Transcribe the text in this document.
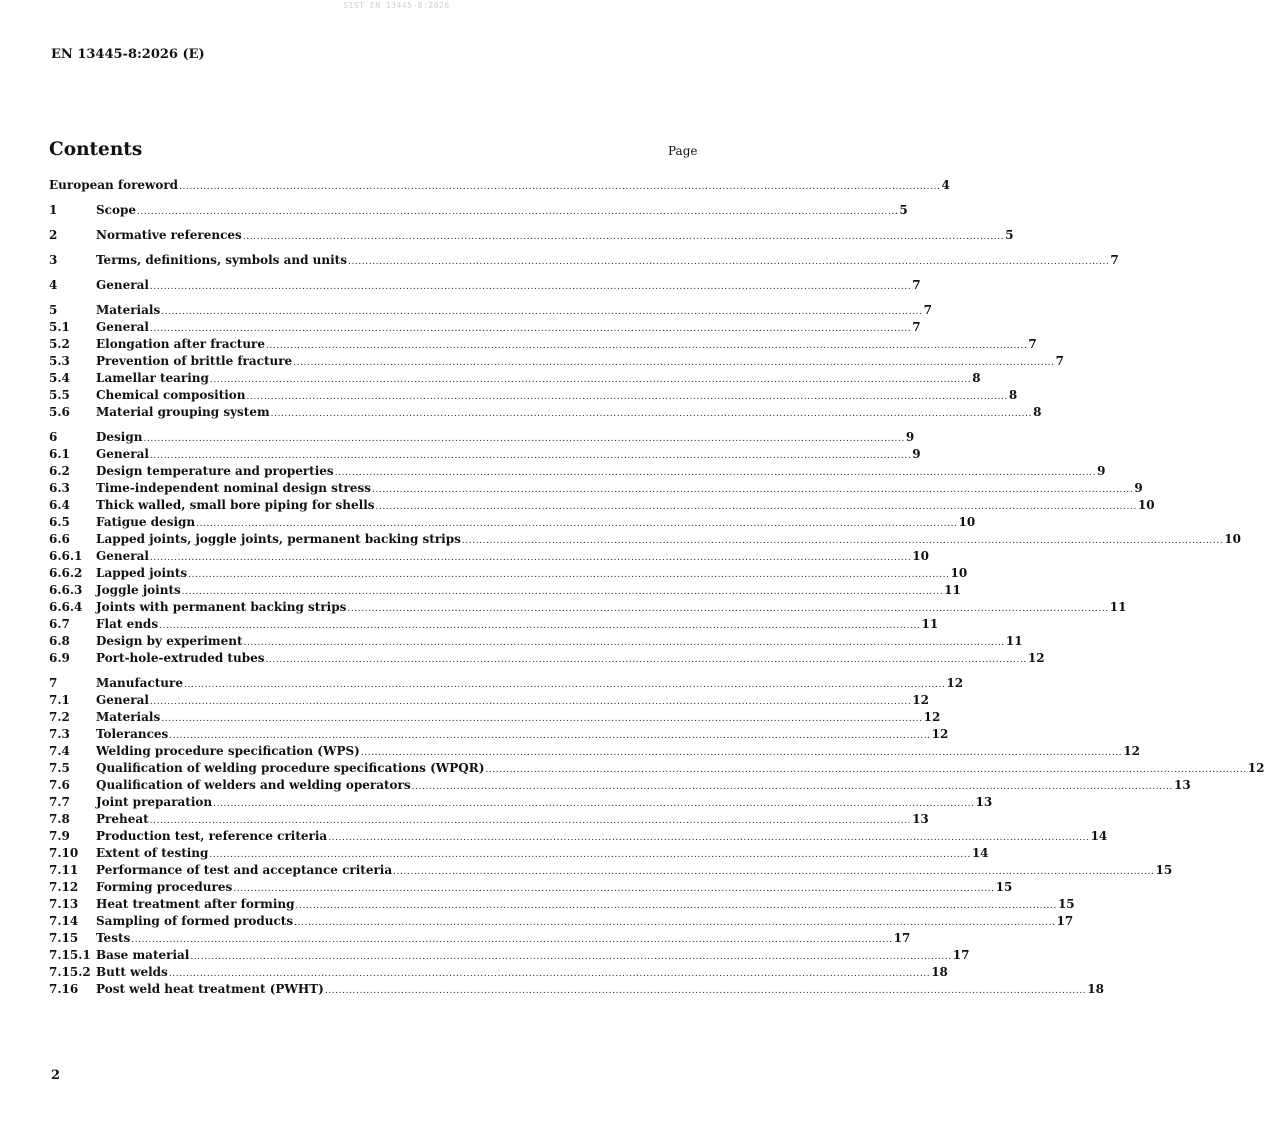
SIST EN 13445-8:2026
EN 13445-8:2026 (E)
Contents	Page
European foreword ............................................................................................................................................................................................................................ 4
1	Scope ............................................................................................................................................................................................................................ 5
2	Normative references ............................................................................................................................................................................................................................ 5
3	Terms, definitions, symbols and units ............................................................................................................................................................................................................................ 7
4	General ............................................................................................................................................................................................................................ 7
5	Materials ............................................................................................................................................................................................................................ 7
5.1	General ............................................................................................................................................................................................................................ 7
5.2	Elongation after fracture ............................................................................................................................................................................................................................ 7
5.3	Prevention of brittle fracture ............................................................................................................................................................................................................................ 7
5.4	Lamellar tearing ............................................................................................................................................................................................................................ 8
5.5	Chemical composition ............................................................................................................................................................................................................................ 8
5.6	Material grouping system ............................................................................................................................................................................................................................ 8
6	Design ............................................................................................................................................................................................................................ 9
6.1	General ............................................................................................................................................................................................................................ 9
6.2	Design temperature and properties ............................................................................................................................................................................................................................ 9
6.3	Time-independent nominal design stress ............................................................................................................................................................................................................................ 9
6.4	Thick walled, small bore piping for shells ............................................................................................................................................................................................................................ 10
6.5	Fatigue design ............................................................................................................................................................................................................................ 10
6.6	Lapped joints, joggle joints, permanent backing strips ............................................................................................................................................................................................................................ 10
6.6.1	General ............................................................................................................................................................................................................................ 10
6.6.2	Lapped joints ............................................................................................................................................................................................................................ 10
6.6.3	Joggle joints ............................................................................................................................................................................................................................ 11
6.6.4	Joints with permanent backing strips ............................................................................................................................................................................................................................ 11
6.7	Flat ends ............................................................................................................................................................................................................................ 11
6.8	Design by experiment ............................................................................................................................................................................................................................ 11
6.9	Port-hole-extruded tubes ............................................................................................................................................................................................................................ 12
7	Manufacture ............................................................................................................................................................................................................................ 12
7.1	General ............................................................................................................................................................................................................................ 12
7.2	Materials ............................................................................................................................................................................................................................ 12
7.3	Tolerances ............................................................................................................................................................................................................................ 12
7.4	Welding procedure specification (WPS) ............................................................................................................................................................................................................................ 12
7.5	Qualification of welding procedure specifications (WPQR) ............................................................................................................................................................................................................................ 12
7.6	Qualification of welders and welding operators ............................................................................................................................................................................................................................ 13
7.7	Joint preparation ............................................................................................................................................................................................................................ 13
7.8	Preheat ............................................................................................................................................................................................................................ 13
7.9	Production test, reference criteria ............................................................................................................................................................................................................................ 14
7.10	Extent of testing ............................................................................................................................................................................................................................ 14
7.11	Performance of test and acceptance criteria ............................................................................................................................................................................................................................ 15
7.12	Forming procedures ............................................................................................................................................................................................................................ 15
7.13	Heat treatment after forming ............................................................................................................................................................................................................................ 15
7.14	Sampling of formed products ............................................................................................................................................................................................................................ 17
7.15	Tests ............................................................................................................................................................................................................................ 17
7.15.1 Base material ............................................................................................................................................................................................................................ 17
7.15.2 Butt welds ............................................................................................................................................................................................................................ 18
7.16	Post weld heat treatment (PWHT) ............................................................................................................................................................................................................................ 18
2
